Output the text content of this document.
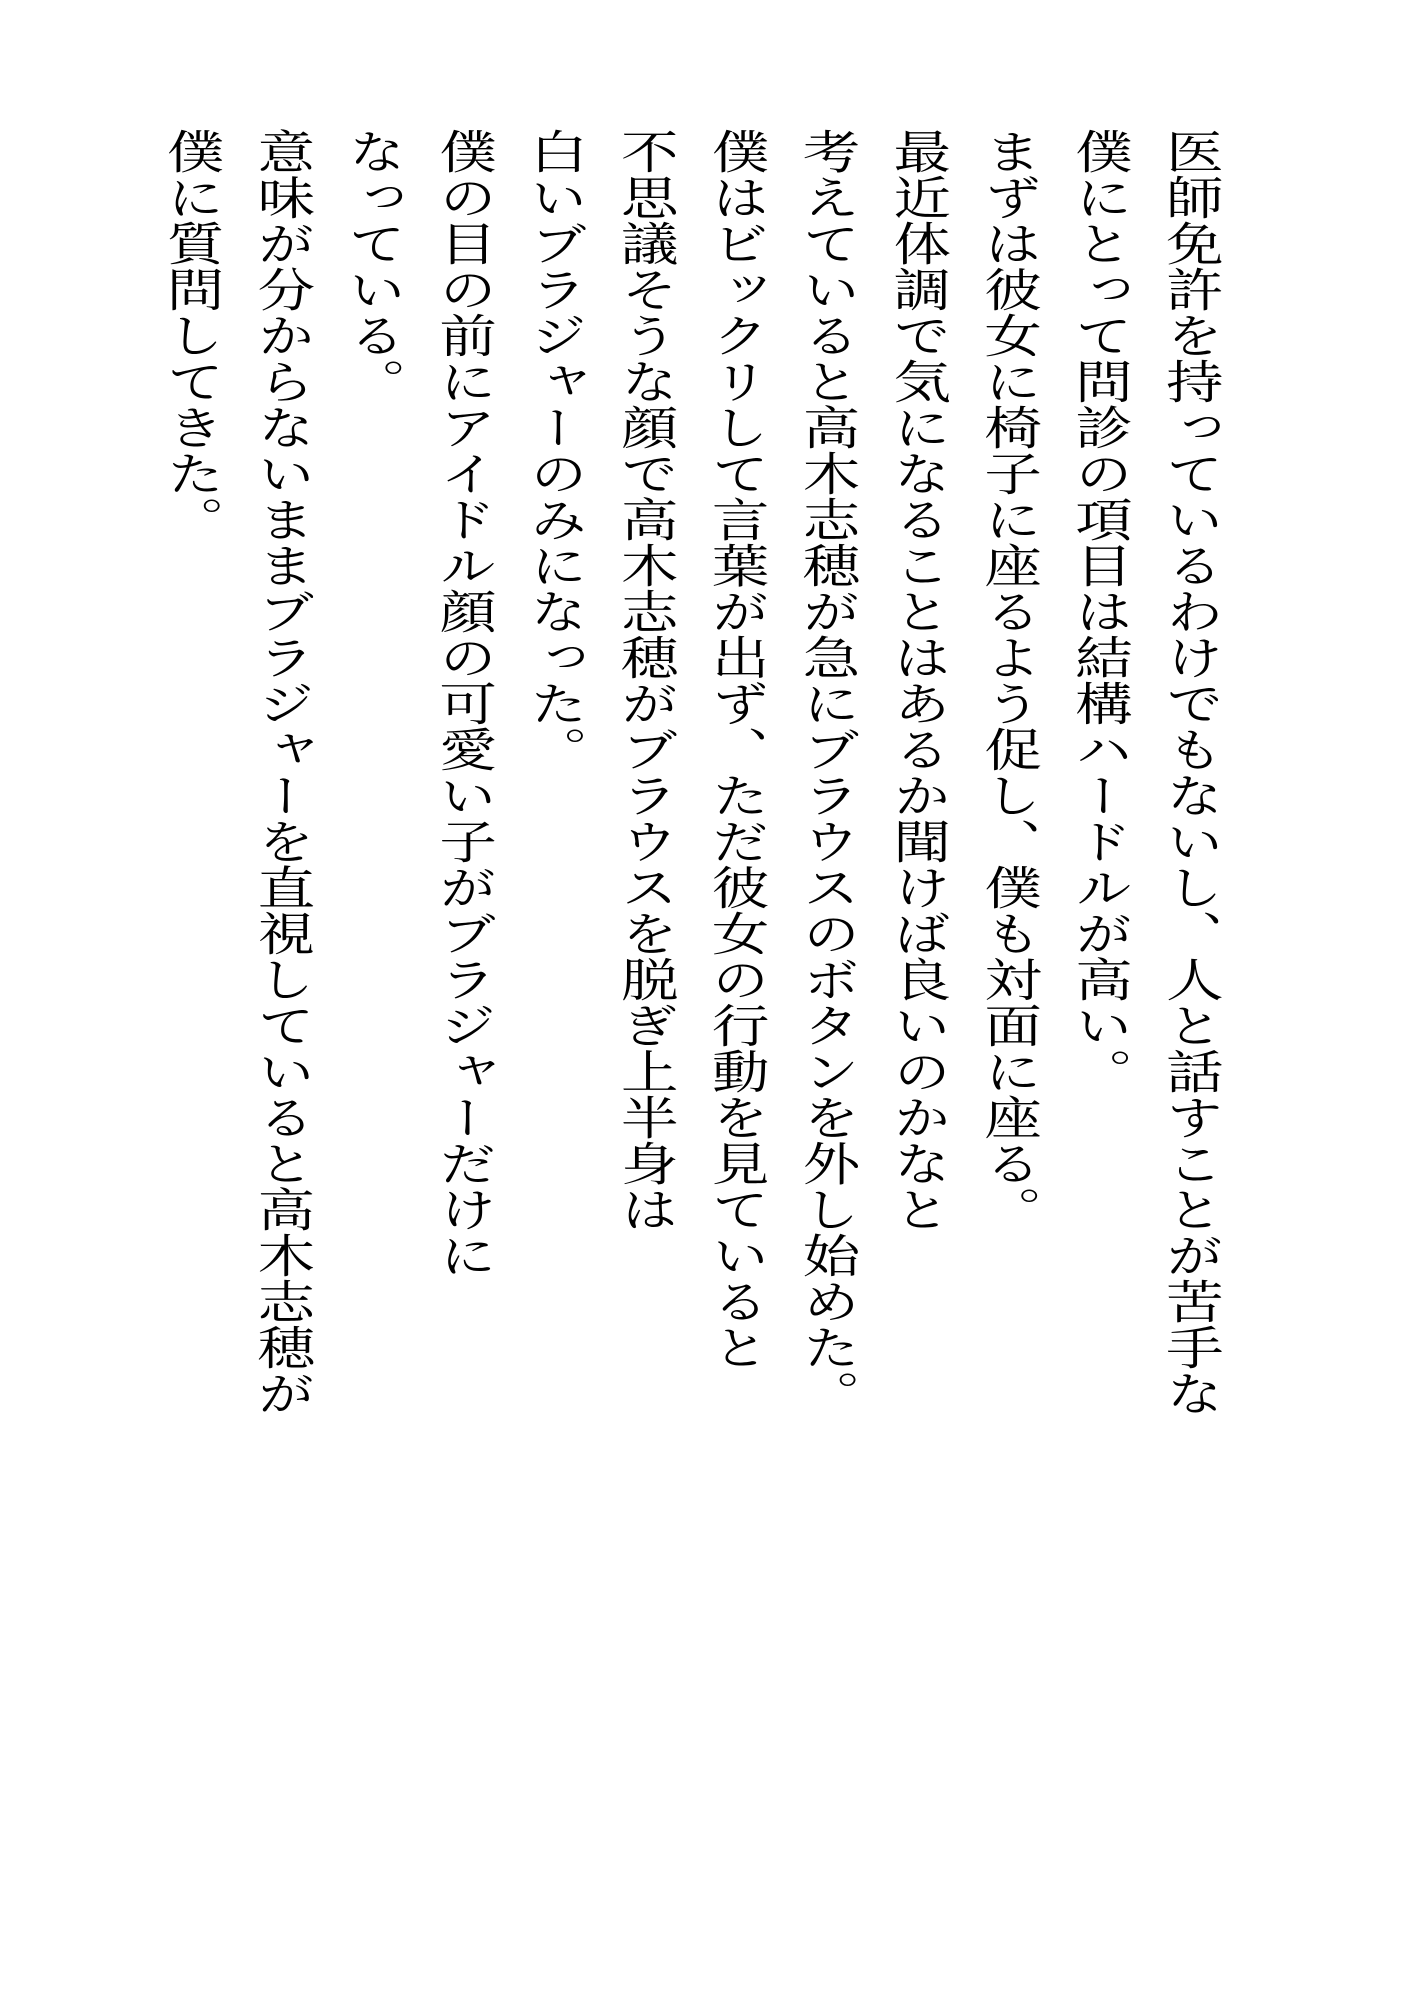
医師免許を持っているわけでもないし、人と話すことが苦手な

僕にとって問診の項目は結構ハードルが高い。

まずは彼女に椅子に座るよう促し、僕も対面に座る。

最近体調で気になることはあるか聞けば良いのかなと

考えていると高木志穂が急にブラウスのボタンを外し始めた。

僕はビックリして言葉が出ず、ただ彼女の行動を見ていると

不思議そうな顔で高木志穂がブラウスを脱ぎ上半身は

白いブラジャーのみになった。

僕の目の前にアイドル顔の可愛い子がブラジャーだけに

なっている。

意味が分からないままブラジャーを直視していると高木志穂が

僕に質問してきた。
